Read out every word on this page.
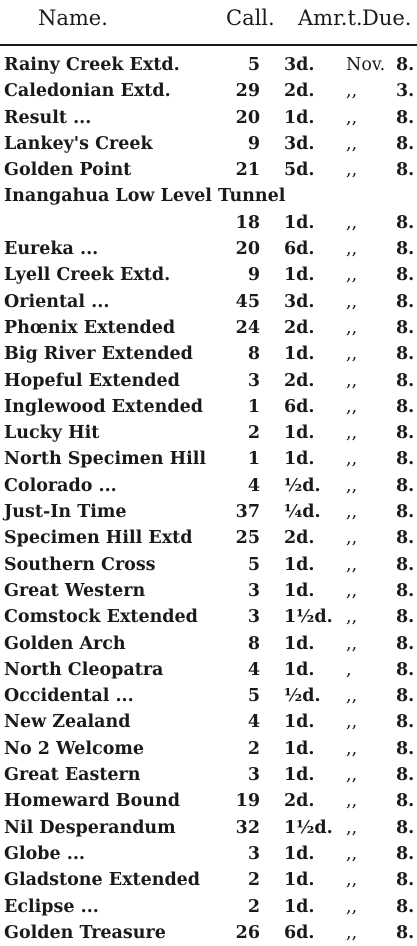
Name.	Call. Amr.t. Due.
Rainy Creek Extd.	5 3d. Nov. 8.
Caledonian Extd.	29 2d. ,, 3.
Result ...	20 1d. ,, 8.
Lankey's Creek	9 3d. ,, 8.
Golden Point	21 5d. ,, 8.
Inangahua Low Level Tunnel
18 1d. ,, 8.
Eureka ...	20 6d. ,, 8.
Lyell Creek Extd.	9 1d. ,, 8.
Oriental ...	45 3d. ,, 8.
Phœnix Extended	24 2d. ,, 8.
Big River Extended	8 1d. ,, 8.
Hopeful Extended	3 2d. ,, 8.
Inglewood Extended	1 6d. ,, 8.
Lucky Hit	2 1d. ,, 8.
North Specimen Hill	1 1d. ,, 8.
Colorado ...	4 ½d. ,, 8.
Just-In Time	37 ¼d. ,, 8.
Specimen Hill Extd	25 2d. ,, 8.
Southern Cross	5 1d. ,, 8.
Great Western	3 1d. ,, 8.
Comstock Extended	3 1½d. ,, 8.
Golden Arch	8 1d. ,, 8.
North Cleopatra	4 1d. ,	8.
Occidental ...	5 ½d. ,, 8.
New Zealand	4 1d. ,, 8.
No 2 Welcome	2 1d. ,, 8.
Great Eastern	3 1d. ,, 8.
Homeward Bound	19 2d. ,, 8.
Nil Desperandum	32 1½d. ,, 8.
Globe ...	3 1d. ,, 8.
Gladstone Extended	2 1d. ,, 8.
Eclipse ...	2 1d. ,, 8.
Golden Treasure	26 6d. ,, 8.
